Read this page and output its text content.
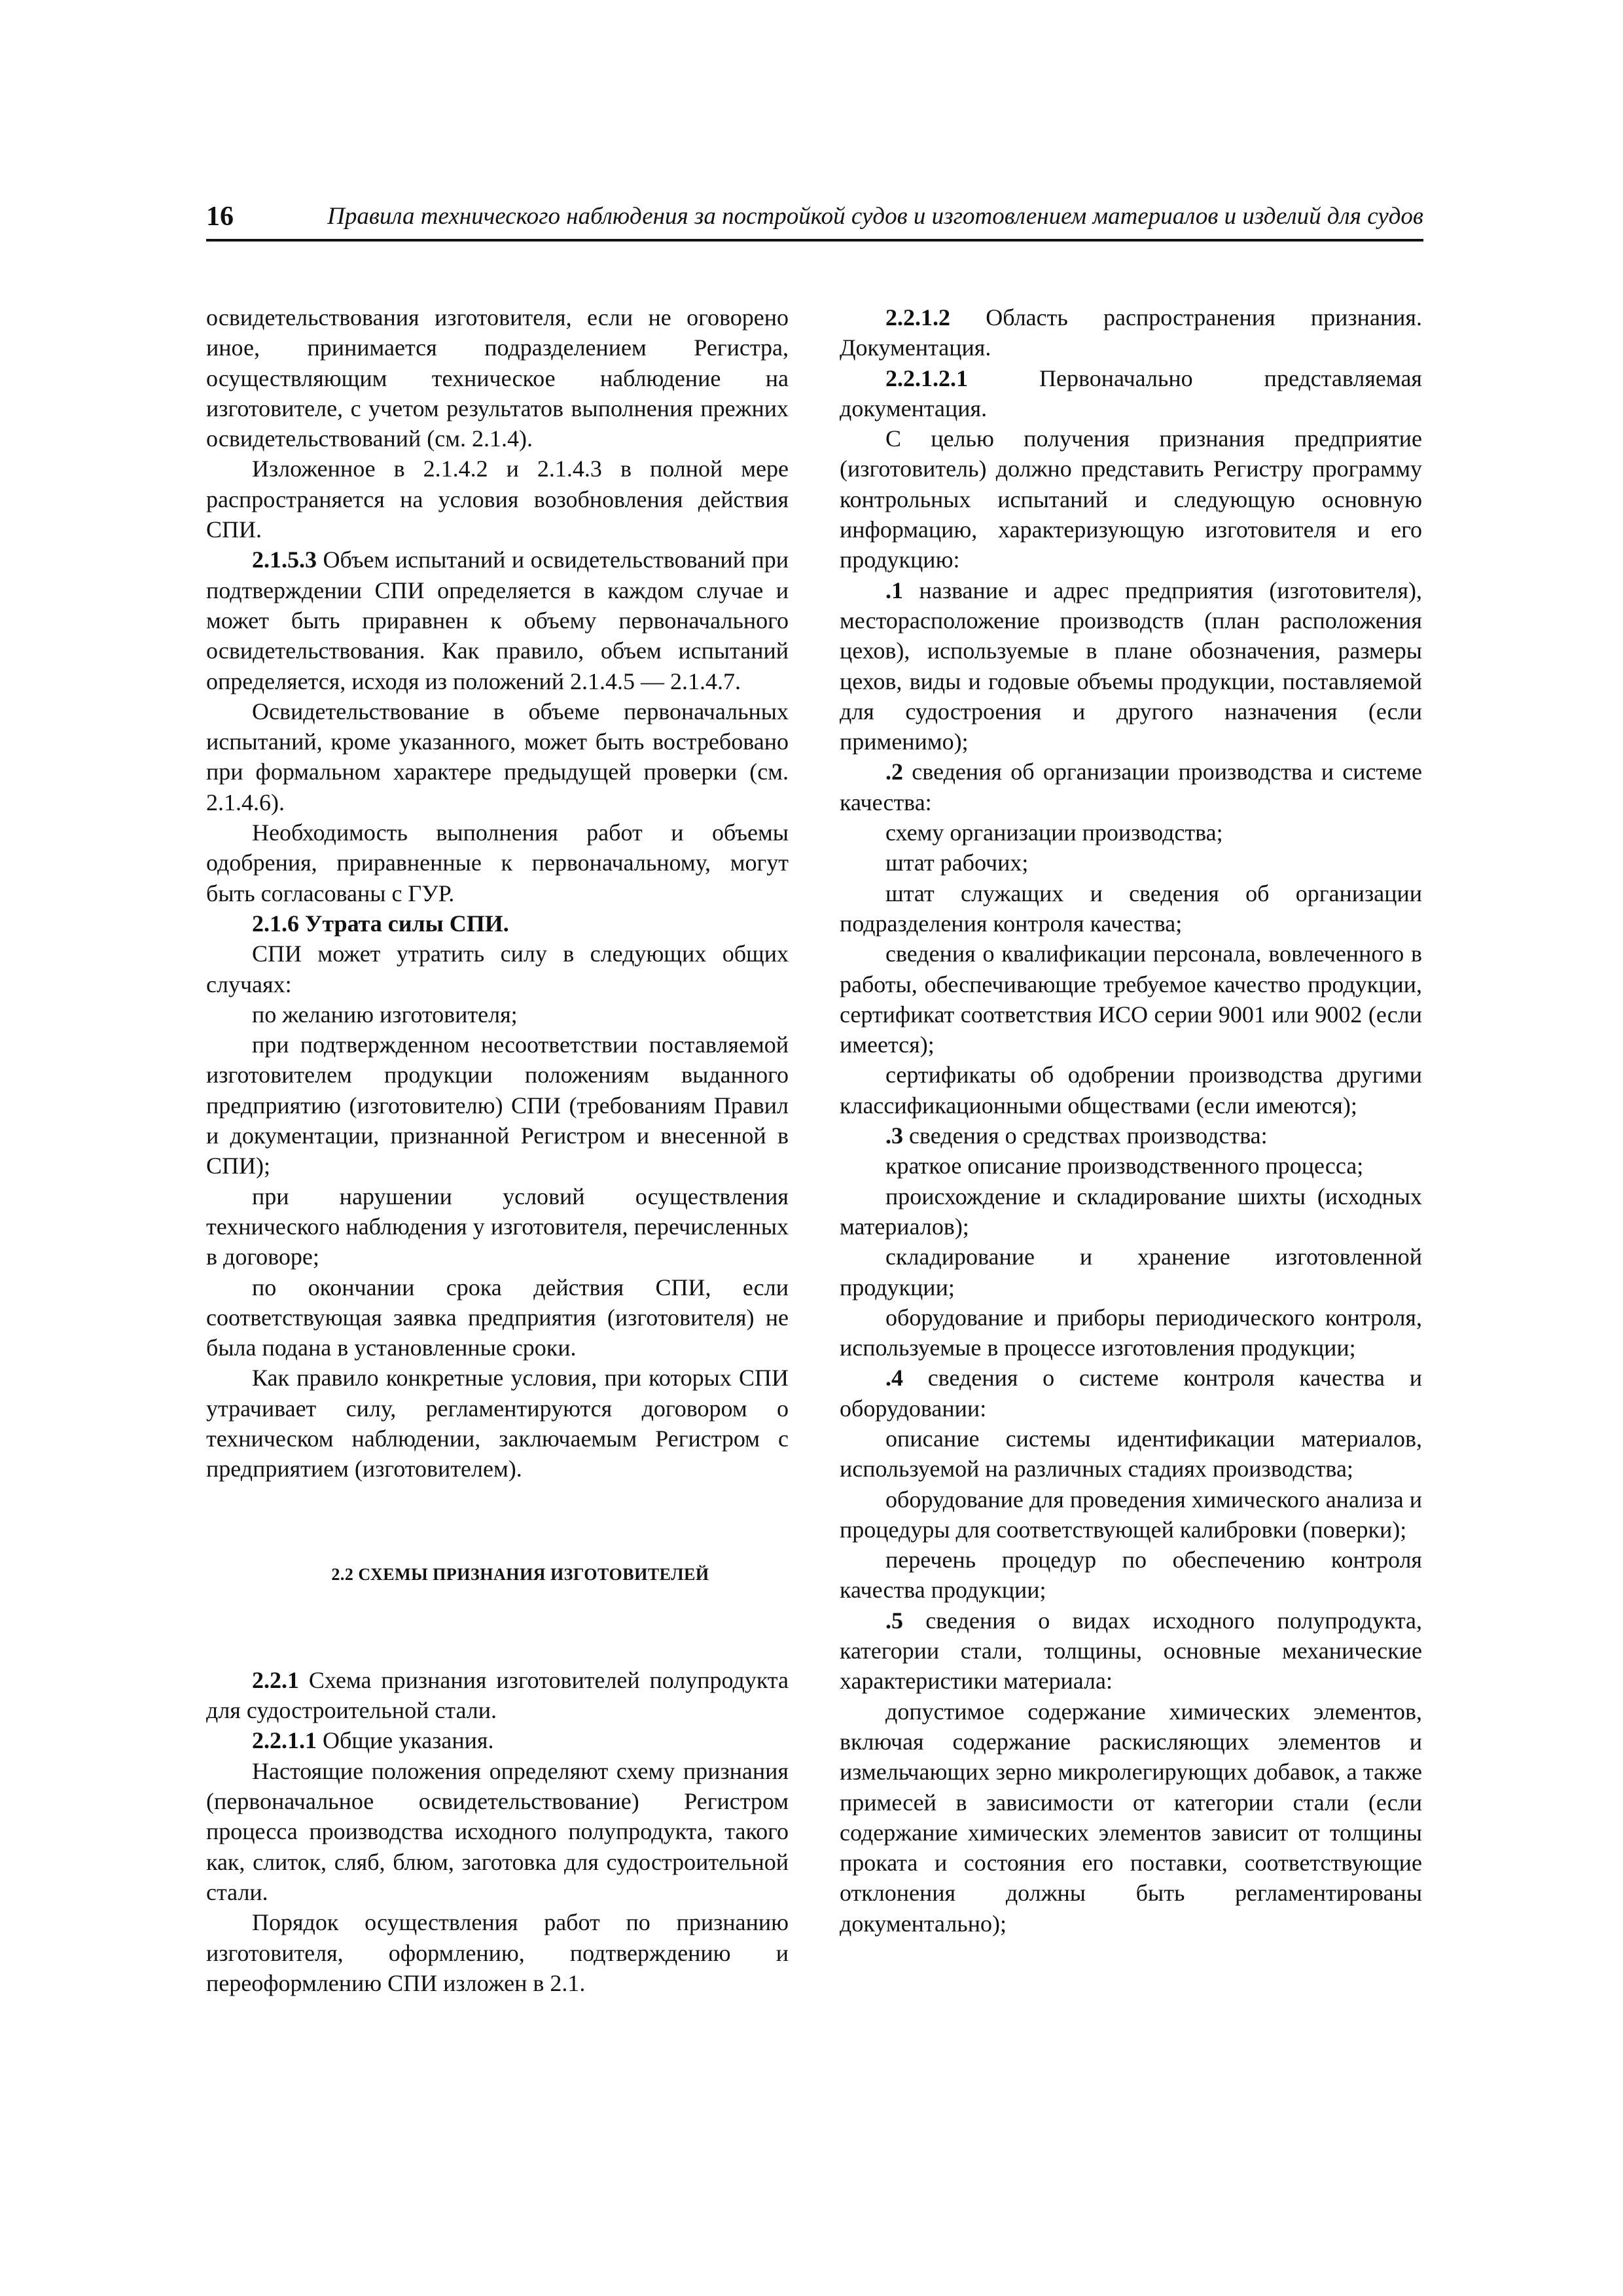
16	Правила технического наблюдения за постройкой судов и изготовлением материалов и изделий для судов

освидетельствования изготовителя, если не оговорено иное, принимается подразделением Регистра, осуществляющим техническое наблюдение на изготовителе, с учетом результатов выполнения прежних освидетельствований (см. 2.1.4).

Изложенное в 2.1.4.2 и 2.1.4.3 в полной мере распространяется на условия возобновления действия СПИ.

2.1.5.3 Объем испытаний и освидетельствований при подтверждении СПИ определяется в каждом случае и может быть приравнен к объему первоначального освидетельствования. Как правило, объем испытаний определяется, исходя из положений 2.1.4.5 — 2.1.4.7.

Освидетельствование в объеме первоначальных испытаний, кроме указанного, может быть востребовано при формальном характере предыдущей проверки (см. 2.1.4.6).

Необходимость выполнения работ и объемы одобрения, приравненные к первоначальному, могут быть согласованы с ГУР.

2.1.6 Утрата силы СПИ.

СПИ может утратить силу в следующих общих случаях:

по желанию изготовителя;

при подтвержденном несоответствии поставляемой изготовителем продукции положениям выданного предприятию (изготовителю) СПИ (требованиям Правил и документации, признанной Регистром и внесенной в СПИ);

при нарушении условий осуществления технического наблюдения у изготовителя, перечисленных в договоре;

по окончании срока действия СПИ, если соответствующая заявка предприятия (изготовителя) не была подана в установленные сроки.

Как правило конкретные условия, при которых СПИ утрачивает силу, регламентируются договором о техническом наблюдении, заключаемым Регистром с предприятием (изготовителем).

2.2 СХЕМЫ ПРИЗНАНИЯ ИЗГОТОВИТЕЛЕЙ

2.2.1 Схема признания изготовителей полупродукта для судостроительной стали.

2.2.1.1 Общие указания.

Настоящие положения определяют схему признания (первоначальное освидетельствование) Регистром процесса производства исходного полупродукта, такого как, слиток, сляб, блюм, заготовка для судостроительной стали.

Порядок осуществления работ по признанию изготовителя, оформлению, подтверждению и переоформлению СПИ изложен в 2.1.

2.2.1.2 Область распространения признания. Документация.

2.2.1.2.1 Первоначально представляемая документация.

С целью получения признания предприятие (изготовитель) должно представить Регистру программу контрольных испытаний и следующую основную информацию, характеризующую изготовителя и его продукцию:

.1 название и адрес предприятия (изготовителя), месторасположение производств (план расположения цехов), используемые в плане обозначения, размеры цехов, виды и годовые объемы продукции, поставляемой для судостроения и другого назначения (если применимо);

.2 сведения об организации производства и системе качества:

схему организации производства;

штат рабочих;

штат служащих и сведения об организации подразделения контроля качества;

сведения о квалификации персонала, вовлеченного в работы, обеспечивающие требуемое качество продукции, сертификат соответствия ИСО серии 9001 или 9002 (если имеется);

сертификаты об одобрении производства другими классификационными обществами (если имеются);

.3 сведения о средствах производства:

краткое описание производственного процесса;

происхождение и складирование шихты (исходных материалов);

складирование и хранение изготовленной продукции;

оборудование и приборы периодического контроля, используемые в процессе изготовления продукции;

.4 сведения о системе контроля качества и оборудовании:

описание системы идентификации материалов, используемой на различных стадиях производства;

оборудование для проведения химического анализа и процедуры для соответствующей калибровки (поверки);

перечень процедур по обеспечению контроля качества продукции;

.5 сведения о видах исходного полупродукта, категории стали, толщины, основные механические характеристики материала:

допустимое содержание химических элементов, включая содержание раскисляющих элементов и измельчающих зерно микролегирующих добавок, а также примесей в зависимости от категории стали (если содержание химических элементов зависит от толщины проката и состояния его поставки, соответствующие отклонения должны быть регламентированы документально);
